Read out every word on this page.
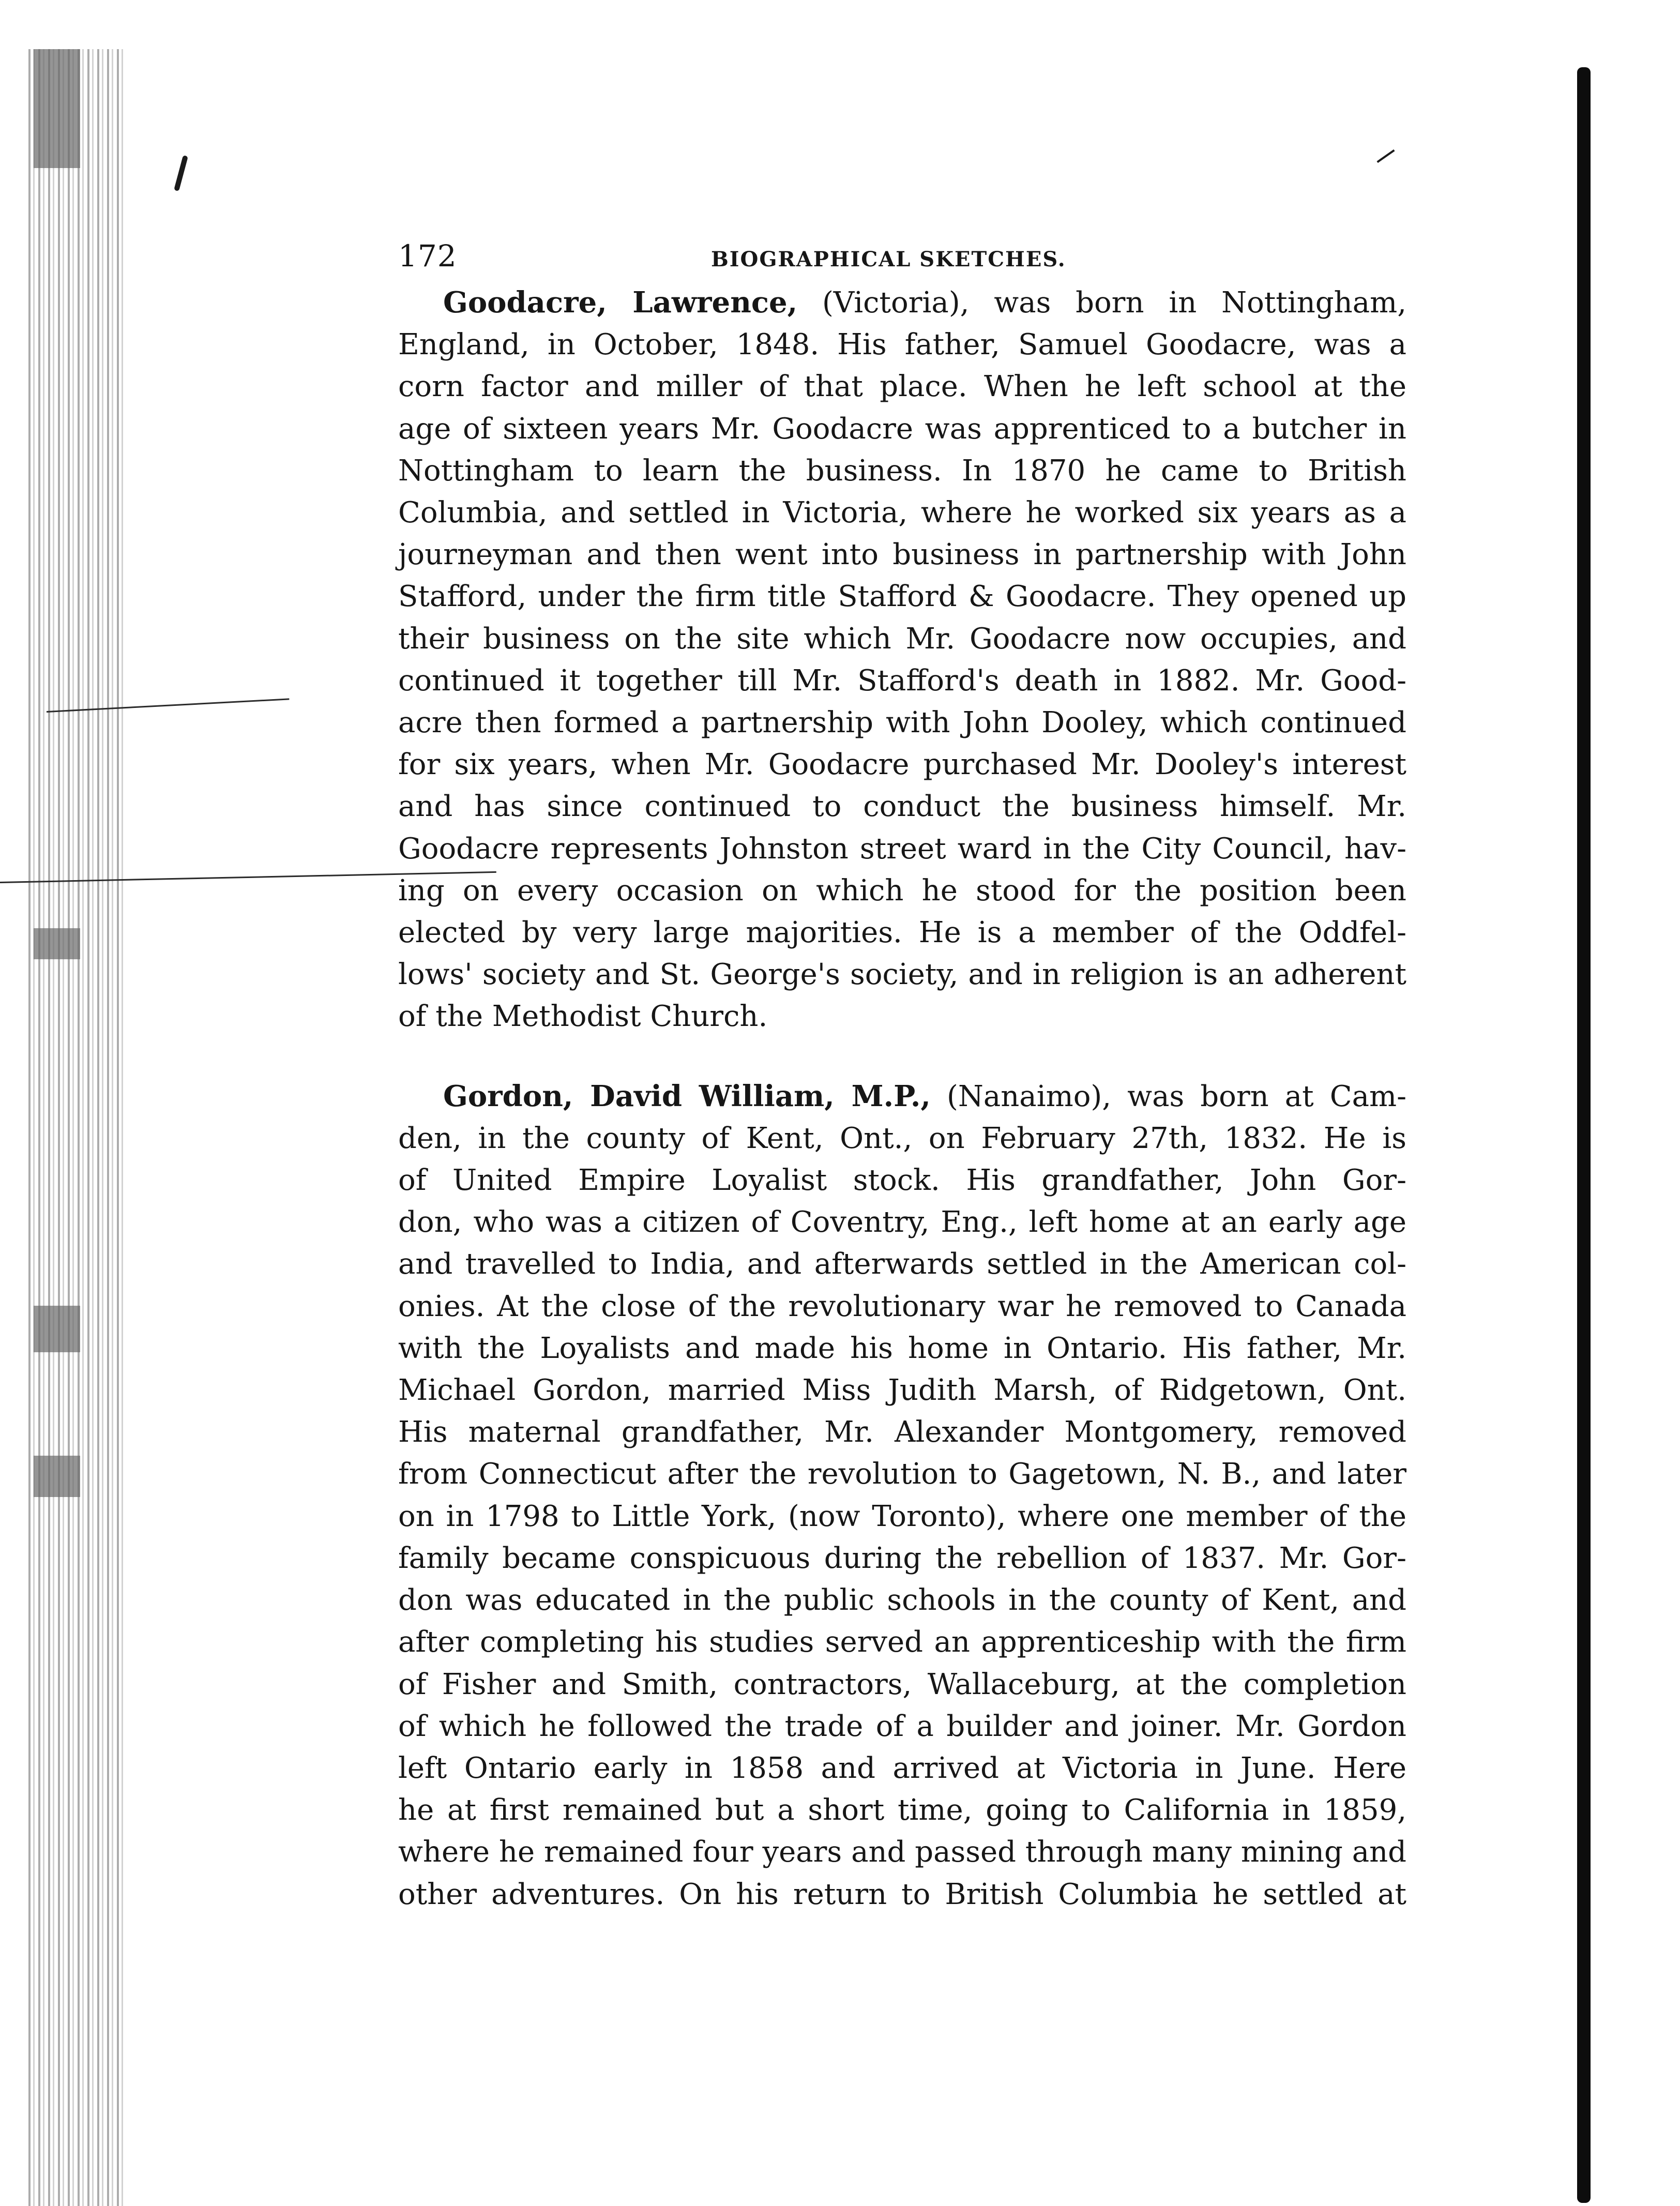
172	BIOGRAPHICAL SKETCHES.

Goodacre, Lawrence, (Victoria), was born in Nottingham,
England, in October, 1848. His father, Samuel Goodacre, was a
corn factor and miller of that place. When he left school at the
age of sixteen years Mr. Goodacre was apprenticed to a butcher in
Nottingham to learn the business. In 1870 he came to British
Columbia, and settled in Victoria, where he worked six years as a
journeyman and then went into business in partnership with John
Stafford, under the firm title Stafford & Goodacre. They opened up
their business on the site which Mr. Goodacre now occupies, and
continued it together till Mr. Stafford's death in 1882. Mr. Good-
acre then formed a partnership with John Dooley, which continued
for six years, when Mr. Goodacre purchased Mr. Dooley's interest
and has since continued to conduct the business himself. Mr.
Goodacre represents Johnston street ward in the City Council, hav-
ing on every occasion on which he stood for the position been
elected by very large majorities. He is a member of the Oddfel-
lows' society and St. George's society, and in religion is an adherent
of the Methodist Church.

Gordon, David William, M.P., (Nanaimo), was born at Cam-
den, in the county of Kent, Ont., on February 27th, 1832. He is
of United Empire Loyalist stock. His grandfather, John Gor-
don, who was a citizen of Coventry, Eng., left home at an early age
and travelled to India, and afterwards settled in the American col-
onies. At the close of the revolutionary war he removed to Canada
with the Loyalists and made his home in Ontario. His father, Mr.
Michael Gordon, married Miss Judith Marsh, of Ridgetown, Ont.
His maternal grandfather, Mr. Alexander Montgomery, removed
from Connecticut after the revolution to Gagetown, N. B., and later
on in 1798 to Little York, (now Toronto), where one member of the
family became conspicuous during the rebellion of 1837. Mr. Gor-
don was educated in the public schools in the county of Kent, and
after completing his studies served an apprenticeship with the firm
of Fisher and Smith, contractors, Wallaceburg, at the completion
of which he followed the trade of a builder and joiner. Mr. Gordon
left Ontario early in 1858 and arrived at Victoria in June. Here
he at first remained but a short time, going to California in 1859,
where he remained four years and passed through many mining and
other adventures. On his return to British Columbia he settled at
